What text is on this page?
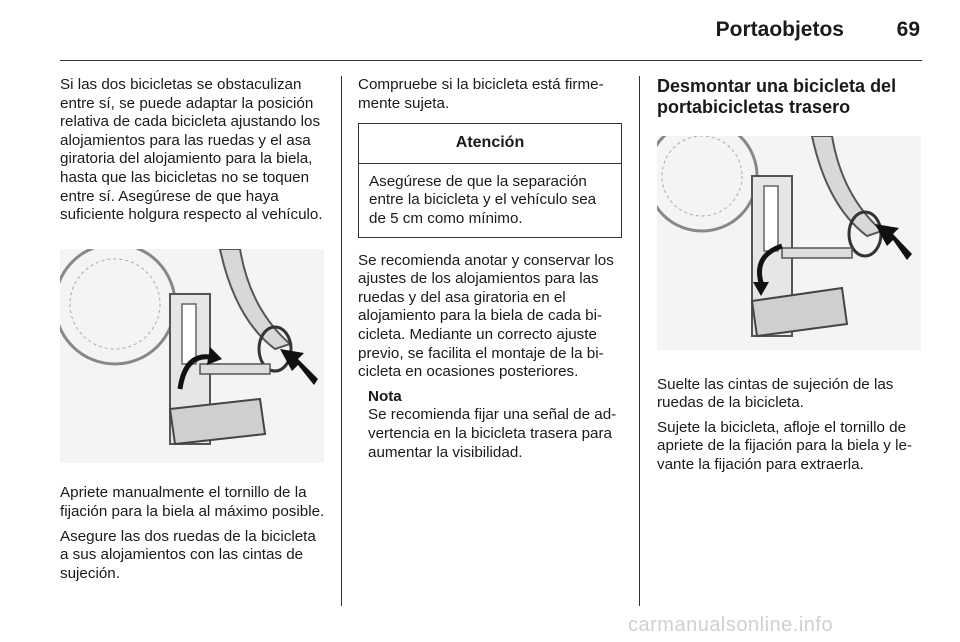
Portaobjetos	69

Si las dos bicicletas se obstaculizan entre sí, se puede adaptar la posición relativa de cada bicicleta ajustando los alojamientos para las ruedas y el asa giratoria del alojamiento para la biela, hasta que las bicicletas no se toquen entre sí. Asegúrese de que haya suficiente holgura respecto al vehículo.

Apriete manualmente el tornillo de la fijación para la biela al máximo posible.

Asegure las dos ruedas de la bicicleta a sus alojamientos con las cintas de sujeción.

Compruebe si la bicicleta está firmemente sujeta.

Atención
Asegúrese de que la separación entre la bicicleta y el vehículo sea de 5 cm como mínimo.

Se recomienda anotar y conservar los ajustes de los alojamientos para las ruedas y del asa giratoria en el alojamiento para la biela de cada bicicleta. Mediante un correcto ajuste previo, se facilita el montaje de la bicicleta en ocasiones posteriores.

Nota
Se recomienda fijar una señal de advertencia en la bicicleta trasera para aumentar la visibilidad.
Desmontar una bicicleta del portabicicletas trasero

Suelte las cintas de sujeción de las ruedas de la bicicleta.

Sujete la bicicleta, afloje el tornillo de apriete de la fijación para la biela y levante la fijación para extraerla.

carmanualsonline.info
